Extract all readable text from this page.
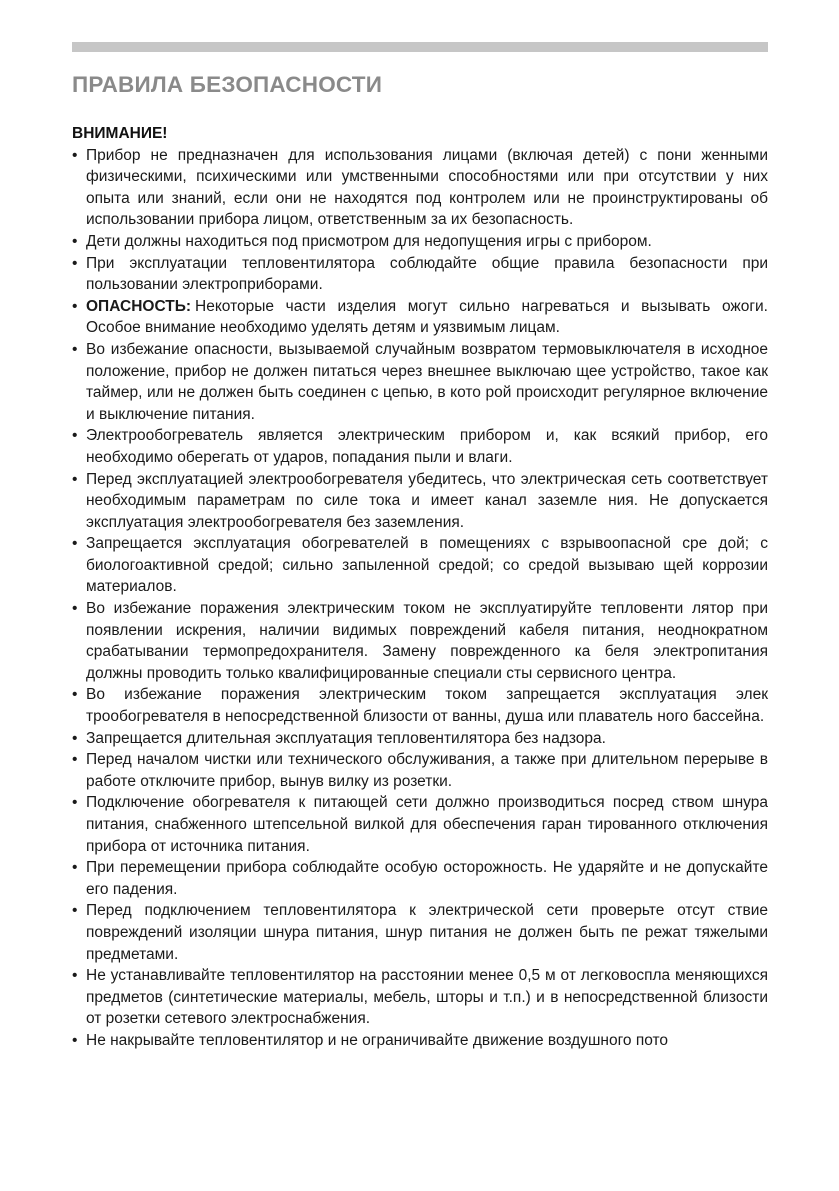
ПРАВИЛА БЕЗОПАСНОСТИ
ВНИМАНИЕ!
• Прибор не предназначен для использования лицами (включая детей) с пони женными физическими, психическими или умственными способностями или при отсутствии у них опыта или знаний, если они не находятся под контролем или не проинструктированы об использовании прибора лицом, ответственным за их безопасность.
• Дети должны находиться под присмотром для недопущения игры с прибором.
• При эксплуатации тепловентилятора соблюдайте общие правила безопасности при пользовании электроприборами.
• ОПАСНОСТЬ: Некоторые части изделия могут сильно нагреваться и вызывать ожоги. Особое внимание необходимо уделять детям и уязвимым лицам.
• Во избежание опасности, вызываемой случайным возвратом термовыключателя в исходное положение, прибор не должен питаться через внешнее выключаю щее устройство, такое как таймер, или не должен быть соединен с цепью, в кото рой происходит регулярное включение и выключение питания.
• Электрообогреватель является электрическим прибором и, как всякий прибор, его необходимо оберегать от ударов, попадания пыли и влаги.
• Перед эксплуатацией электрообогревателя убедитесь, что электрическая сеть соответствует необходимым параметрам по силе тока и имеет канал заземле ния. Не допускается эксплуатация электрообогревателя без заземления.
• Запрещается эксплуатация обогревателей в помещениях с взрывоопасной сре дой; с биологоактивной средой; сильно запыленной средой; со средой вызываю щей коррозии материалов.
• Во избежание поражения электрическим током не эксплуатируйте тепловенти лятор при появлении искрения, наличии видимых повреждений кабеля питания, неоднократном срабатывании термопредохранителя. Замену поврежденного ка беля электропитания должны проводить только квалифицированные специали сты сервисного центра.
• Во избежание поражения электрическим током запрещается эксплуатация элек трообогревателя в непосредственной близости от ванны, душа или плаватель ного бассейна.
• Запрещается длительная эксплуатация тепловентилятора без надзора.
• Перед началом чистки или технического обслуживания, а также при длительном перерыве в работе отключите прибор, вынув вилку из розетки.
• Подключение обогревателя к питающей сети должно производиться посред ством шнура питания, снабженного штепсельной вилкой для обеспечения гаран тированного отключения прибора от источника питания.
• При перемещении прибора соблюдайте особую осторожность. Не ударяйте и не допускайте его падения.
• Перед подключением тепловентилятора к электрической сети проверьте отсут ствие повреждений изоляции шнура питания, шнур питания не должен быть пе режат тяжелыми предметами.
• Не устанавливайте тепловентилятор на расстоянии менее 0,5 м от легковоспла меняющихся предметов (синтетические материалы, мебель, шторы и т.п.) и в непосредственной близости от розетки сетевого электроснабжения.
• Не накрывайте тепловентилятор и не ограничивайте движение воздушного пото
